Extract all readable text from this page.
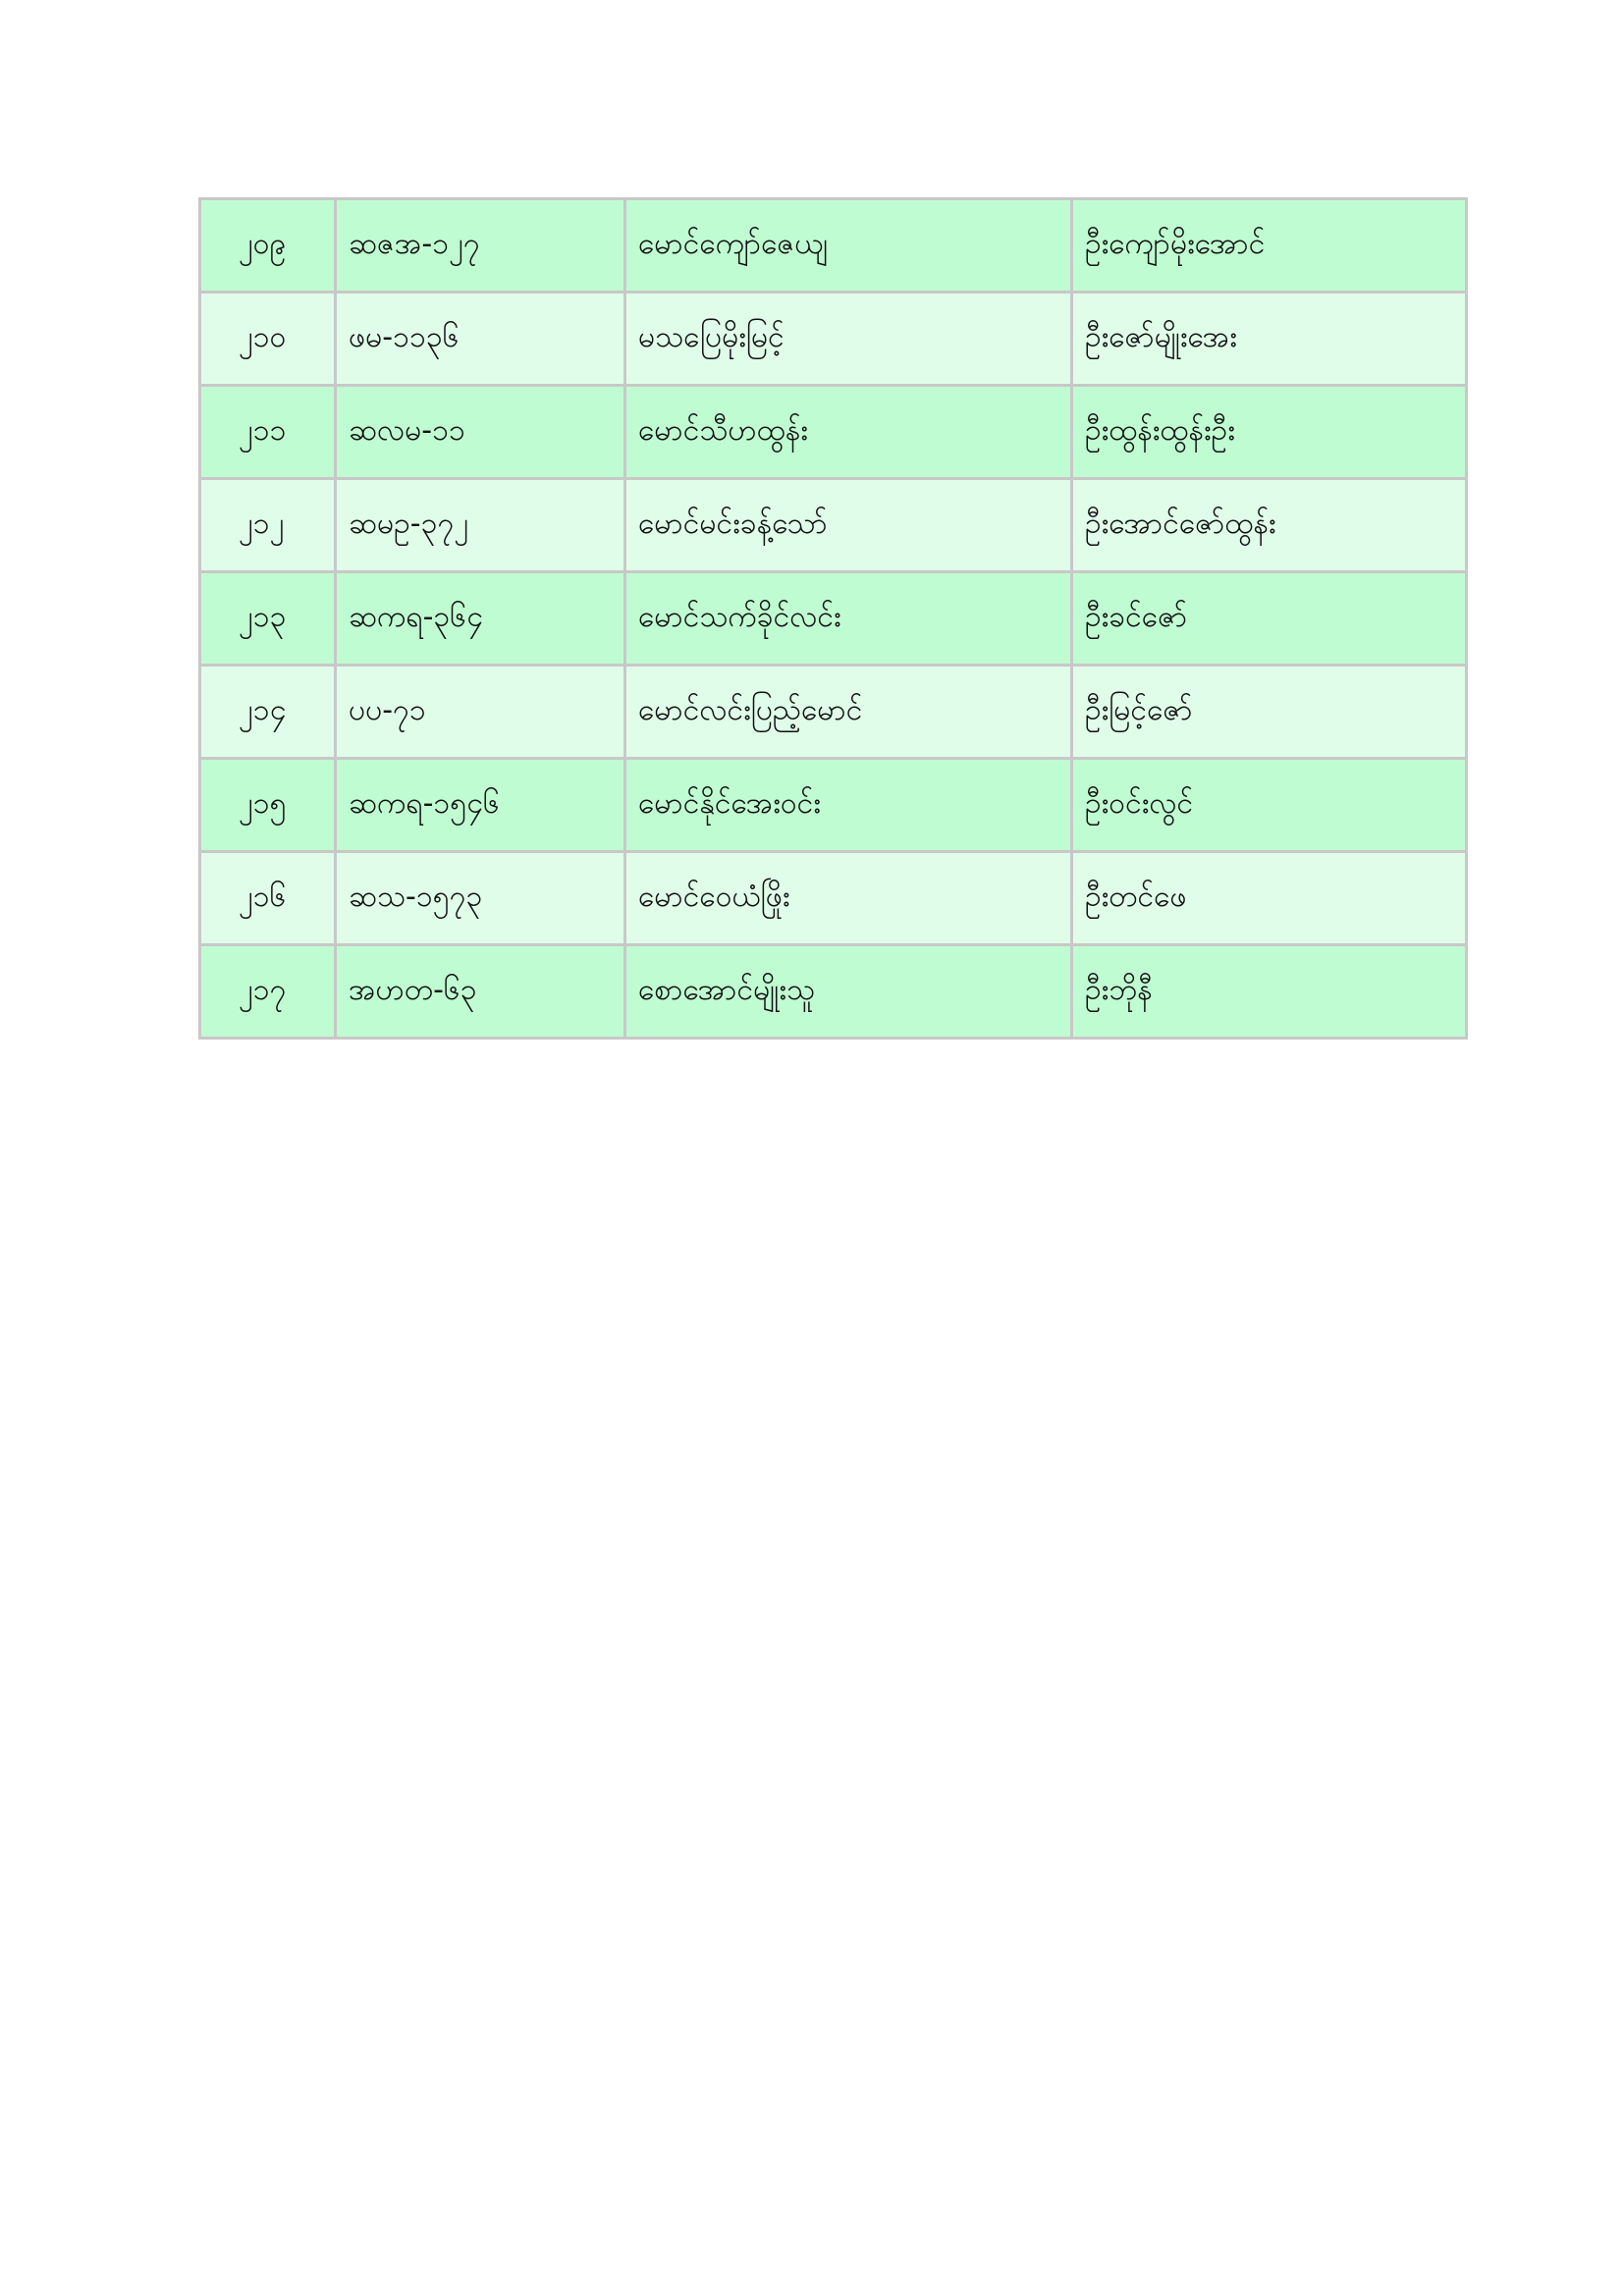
၂၀၉	ဆဇအ-၁၂၇	မောင်ကျော်ဇေယျ	ဦးကျော်မိုးအောင်
၂၁၀	ဖမ-၁၁၃၆	မသပြေမိုးမြင့်	ဦးဇော်မျိုးအေး
၂၁၁	ဆလမ-၁၁	မောင်သီဟထွန်း	ဦးထွန်းထွန်းဦး
၂၁၂	ဆမဥ-၃၇၂	မောင်မင်းခန့်သော်	ဦးအောင်ဇော်ထွန်း
၂၁၃	ဆကရ-၃၆၄	မောင်သက်ခိုင်လင်း	ဦးခင်ဇော်
၂၁၄	ပပ-၇၁	မောင်လင်းပြည့်မောင်	ဦးမြင့်ဇော်
၂၁၅	ဆကရ-၁၅၄၆	မောင်နိုင်အေးဝင်း	ဦးဝင်းလွင်
၂၁၆	ဆသ-၁၅၇၃	မောင်ဝေယံဖြိုး	ဦးတင်ဖေ
၂၁၇	အဟတ-၆၃	စောအောင်မျိုးသူ	ဦးဘိုနီ
